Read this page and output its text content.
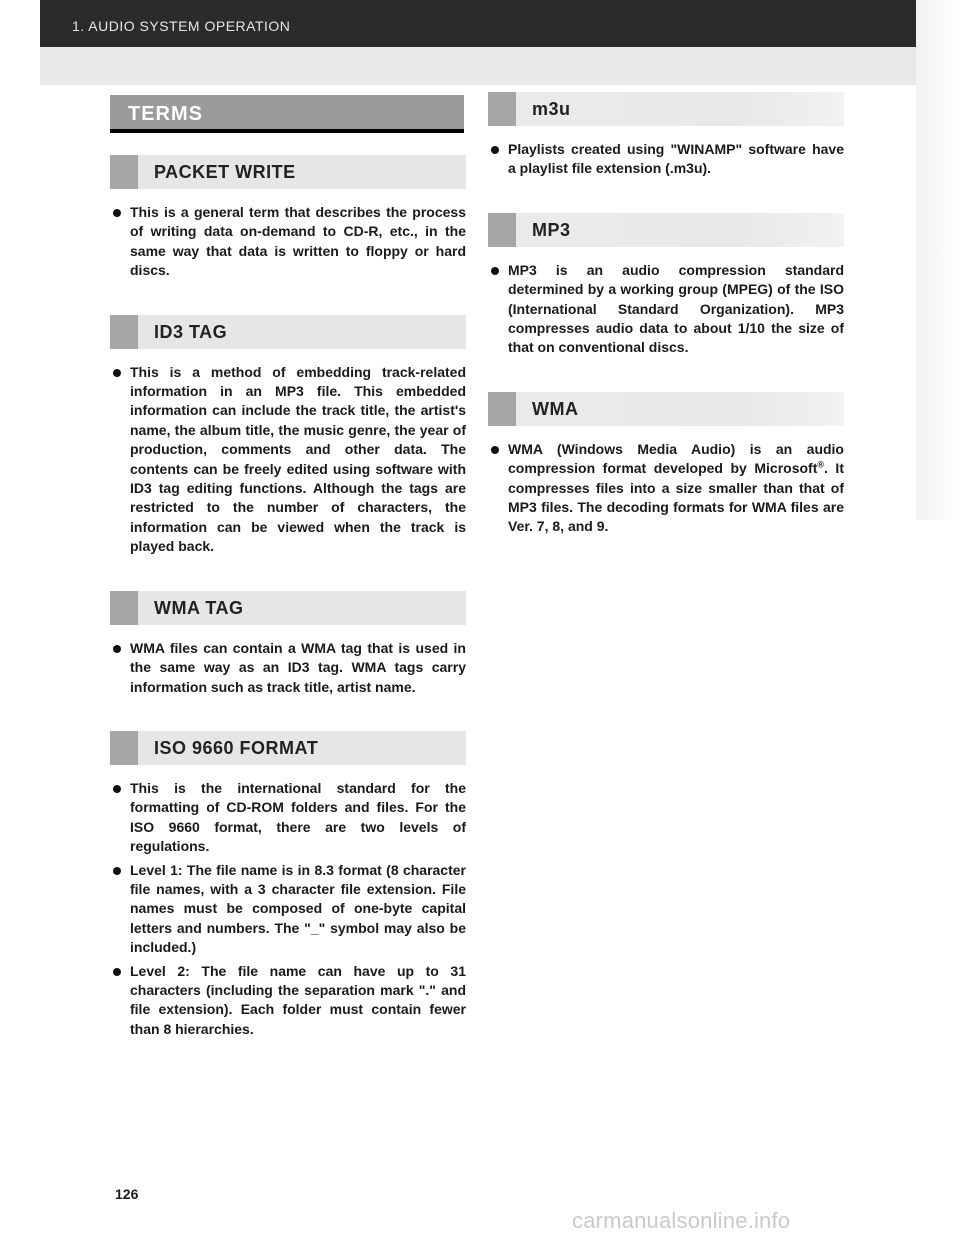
1. AUDIO SYSTEM OPERATION
TERMS
PACKET WRITE

This is a general term that describes the process of writing data on-demand to CD-R, etc., in the same way that data is written to floppy or hard discs.

ID3 TAG

This is a method of embedding track-related information in an MP3 file. This embedded information can include the track title, the artist's name, the album title, the music genre, the year of production, comments and other data. The contents can be freely edited using software with ID3 tag editing functions. Although the tags are restricted to the number of characters, the information can be viewed when the track is played back.

WMA TAG

WMA files can contain a WMA tag that is used in the same way as an ID3 tag. WMA tags carry information such as track title, artist name.

ISO 9660 FORMAT

This is the international standard for the formatting of CD-ROM folders and files. For the ISO 9660 format, there are two levels of regulations.

Level 1: The file name is in 8.3 format (8 character file names, with a 3 character file extension. File names must be composed of one-byte capital letters and numbers. The "_" symbol may also be included.)

Level 2: The file name can have up to 31 characters (including the separation mark "." and file extension). Each folder must contain fewer than 8 hierarchies.

m3u

Playlists created using "WINAMP" software have a playlist file extension (.m3u).

MP3

MP3 is an audio compression standard determined by a working group (MPEG) of the ISO (International Standard Organization). MP3 compresses audio data to about 1/10 the size of that on conventional discs.

WMA

WMA (Windows Media Audio) is an audio compression format developed by Microsoft®. It compresses files into a size smaller than that of MP3 files. The decoding formats for WMA files are Ver. 7, 8, and 9.

126
carmanualsonline.info
